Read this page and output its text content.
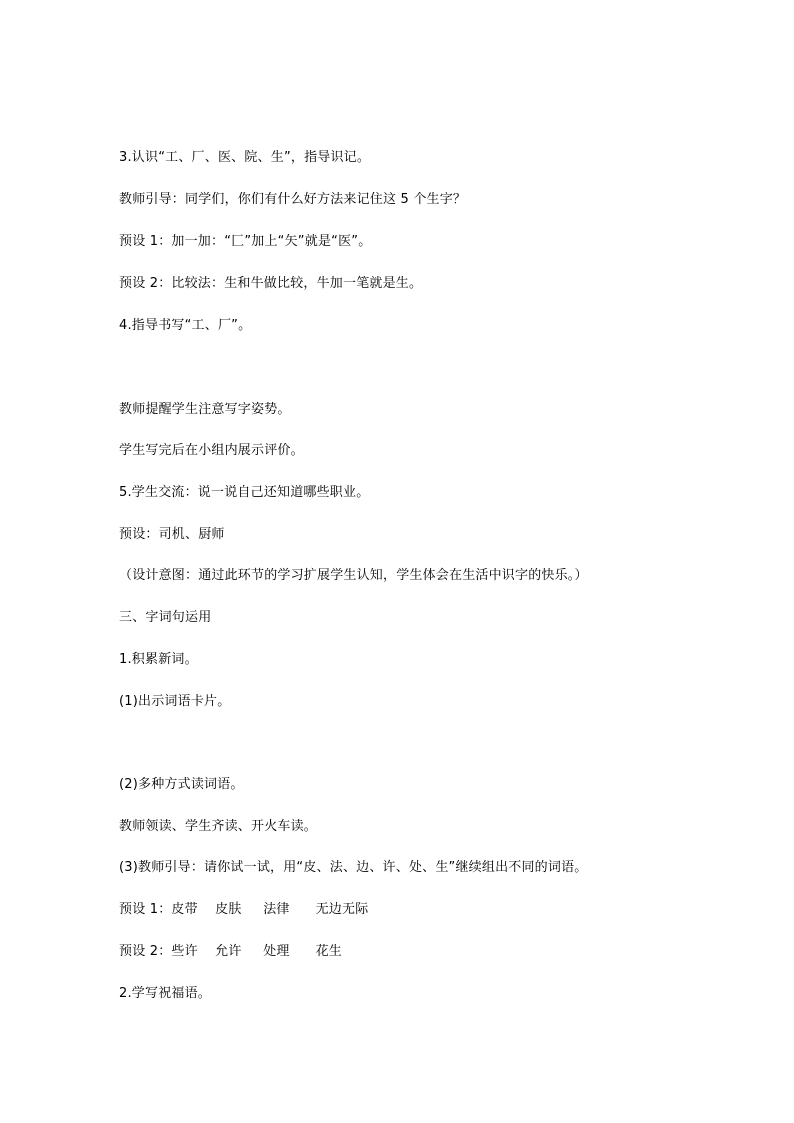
3.认识“工、厂、医、院、生”，指导识记。
教师引导：同学们，你们有什么好方法来记住这 5 个生字？
预设 1：加一加：“匚”加上“矢”就是“医”。
预设 2：比较法：生和牛做比较，牛加一笔就是生。
4.指导书写“工、厂”。
教师提醒学生注意写字姿势。
学生写完后在小组内展示评价。
5.学生交流：说一说自己还知道哪些职业。
预设：司机、厨师
（设计意图：通过此环节的学习扩展学生认知，学生体会在生活中识字的快乐。）
三、字词句运用
1.积累新词。
(1)出示词语卡片。
(2)多种方式读词语。
教师领读、学生齐读、开火车读。
(3)教师引导：请你试一试，用“皮、法、边、许、处、生”继续组出不同的词语。
预设 1：皮带    皮肤     法律      无边无际
预设 2：些许    允许     处理      花生
2.学写祝福语。
